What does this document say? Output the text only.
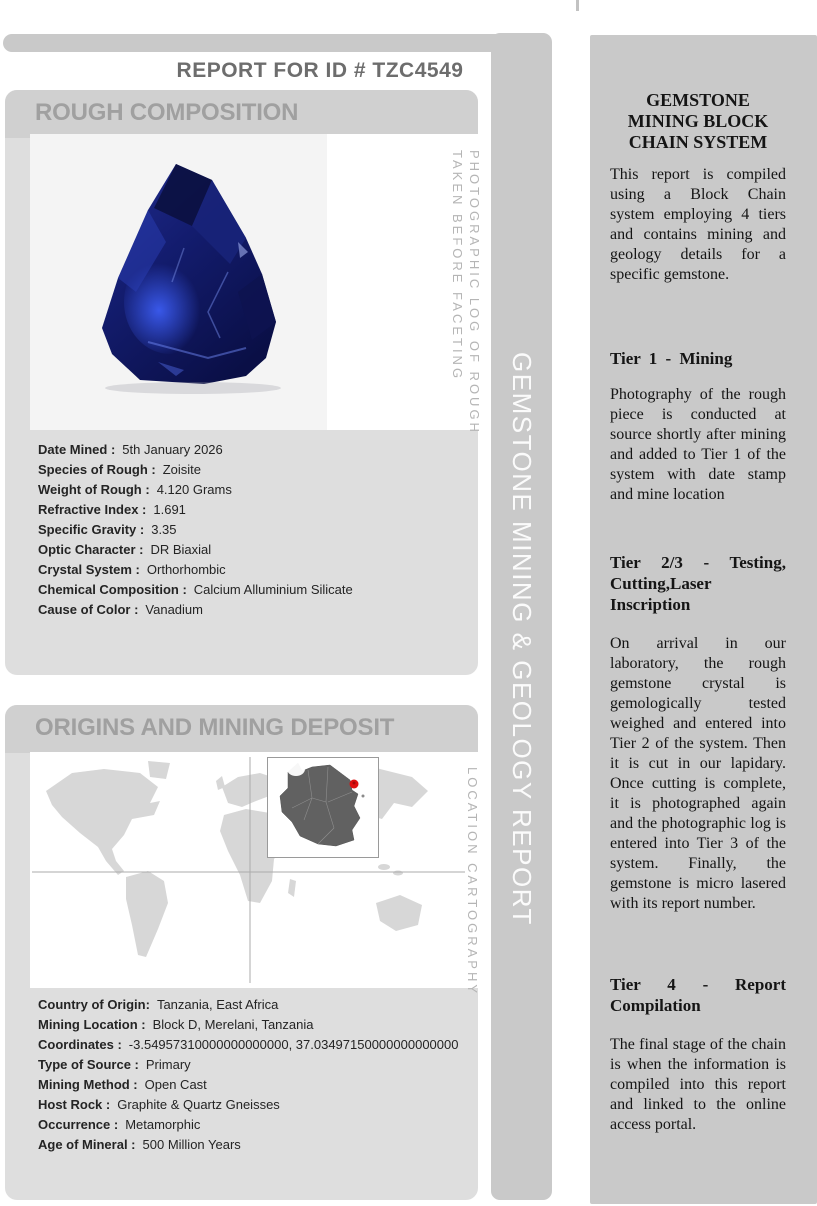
REPORT FOR ID # TZC4549
GEMSTONE MINING & GEOLOGY REPORT
ROUGH COMPOSITION
PHOTOGRAPHIC LOG OF ROUGH
TAKEN BEFORE FACETING
Date Mined : 5th January 2026
Species of Rough : Zoisite
Weight of Rough : 4.120 Grams
Refractive Index : 1.691
Specific Gravity : 3.35
Optic Character : DR Biaxial
Crystal System : Orthorhombic
Chemical Composition : Calcium Alluminium Silicate
Cause of Color : Vanadium
ORIGINS AND MINING DEPOSIT
LOCATION CARTOGRAPHY
Country of Origin: Tanzania, East Africa
Mining Location : Block D, Merelani, Tanzania
Coordinates : -3.54957310000000000000, 37.03497150000000000000
Type of Source : Primary
Mining Method : Open Cast
Host Rock : Graphite & Quartz Gneisses
Occurrence : Metamorphic
Age of Mineral : 500 Million Years
GEMSTONE MINING BLOCK CHAIN SYSTEM
This report is compiled using a Block Chain system employing 4 tiers and contains mining and geology details for a specific gemstone.
Tier 1 - Mining
Photography of the rough piece is conducted at source shortly after mining and added to Tier 1 of the system with date stamp and mine location
Tier 2/3 - Testing, Cutting,Laser Inscription
On arrival in our laboratory, the rough gemstone crystal is gemologically tested weighed and entered into Tier 2 of the system. Then it is cut in our lapidary. Once cutting is complete, it is photographed again and the photographic log is entered into Tier 3 of the system. Finally, the gemstone is micro lasered with its report number.
Tier 4 - Report Compilation
The final stage of the chain is when the information is compiled into this report and linked to the online access portal.
